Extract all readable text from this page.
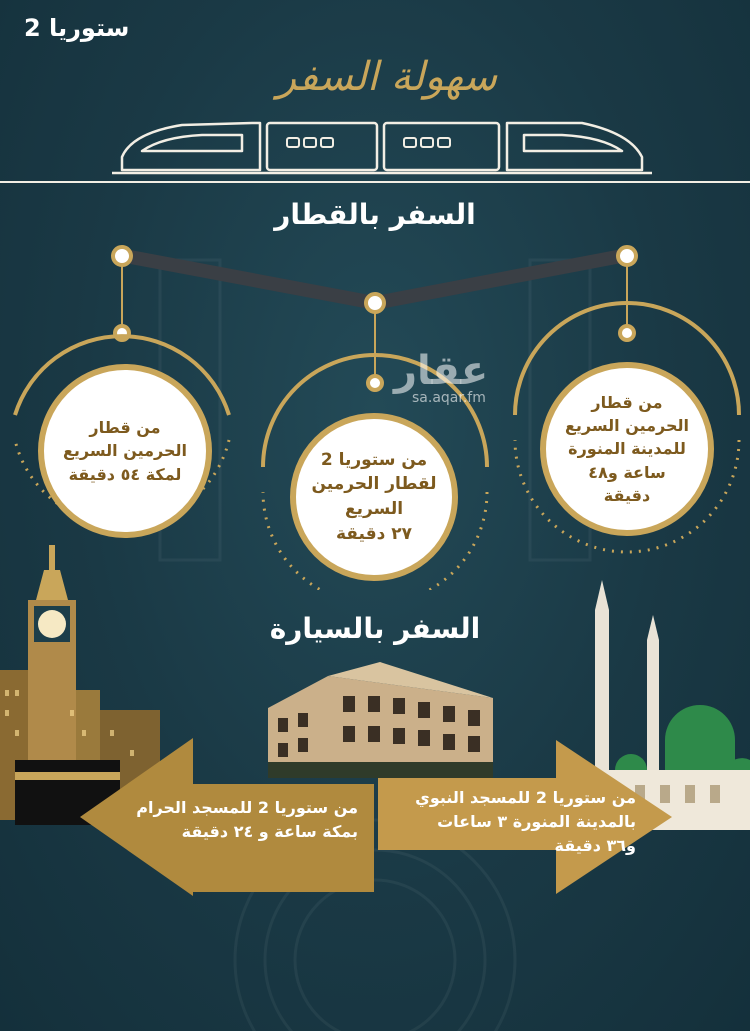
ستوريا 2
سهولة السفر
السفر بالقطار
من قطار
الحرمين السريع
لمكة ٥٤ دقيقة
من ستوريا 2
لقطار الحرمين
السريع
٢٧ دقيقة
من قطار
الحرمين السريع
للمدينة المنورة
ساعة و٤٨
دقيقة
عقار
sa.aqar.fm
السفر بالسيارة
من ستوريا 2 للمسجد الحرام
بمكة ساعة و ٢٤ دقيقة
من ستوريا 2 للمسجد النبوي
بالمدينة المنورة ٣ ساعات
و٣٦ دقيقة
